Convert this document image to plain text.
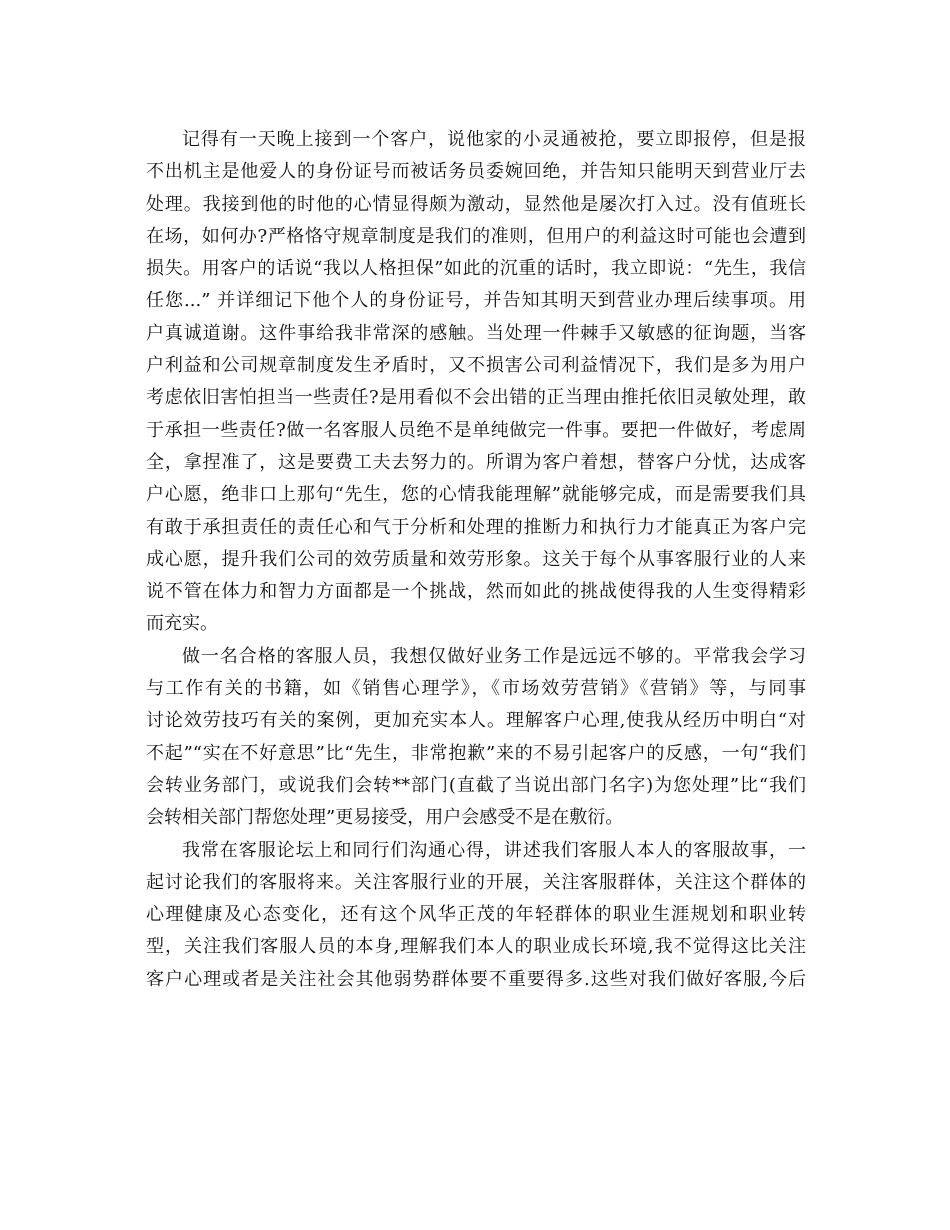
记得有一天晚上接到一个客户，说他家的小灵通被抢，要立即报停，但是报
不出机主是他爱人的身份证号而被话务员委婉回绝，并告知只能明天到营业厅去
处理。我接到他的时他的心情显得颇为激动，显然他是屡次打入过。没有值班长
在场，如何办?严格恪守规章制度是我们的准则，但用户的利益这时可能也会遭到
损失。用客户的话说“我以人格担保”如此的沉重的话时，我立即说：“先生，我信
任您...” 并详细记下他个人的身份证号，并告知其明天到营业办理后续事项。用
户真诚道谢。这件事给我非常深的感触。当处理一件棘手又敏感的征询题，当客
户利益和公司规章制度发生矛盾时，又不损害公司利益情况下，我们是多为用户
考虑依旧害怕担当一些责任?是用看似不会出错的正当理由推托依旧灵敏处理，敢
于承担一些责任?做一名客服人员绝不是单纯做完一件事。要把一件做好，考虑周
全，拿捏准了，这是要费工夫去努力的。所谓为客户着想，替客户分忧，达成客
户心愿，绝非口上那句“先生，您的心情我能理解”就能够完成，而是需要我们具
有敢于承担责任的责任心和气于分析和处理的推断力和执行力才能真正为客户完
成心愿，提升我们公司的效劳质量和效劳形象。这关于每个从事客服行业的人来
说不管在体力和智力方面都是一个挑战，然而如此的挑战使得我的人生变得精彩
而充实。
做一名合格的客服人员，我想仅做好业务工作是远远不够的。平常我会学习
与工作有关的书籍，如《销售心理学》，《市场效劳营销》《营销》等，与同事
讨论效劳技巧有关的案例，更加充实本人。理解客户心理,使我从经历中明白“对
不起”“实在不好意思”比“先生，非常抱歉”来的不易引起客户的反感，一句“我们
会转业务部门，或说我们会转**部门(直截了当说出部门名字)为您处理”比“我们
会转相关部门帮您处理”更易接受，用户会感受不是在敷衍。
我常在客服论坛上和同行们沟通心得，讲述我们客服人本人的客服故事，一
起讨论我们的客服将来。关注客服行业的开展，关注客服群体，关注这个群体的
心理健康及心态变化，还有这个风华正茂的年轻群体的职业生涯规划和职业转
型，关注我们客服人员的本身,理解我们本人的职业成长环境,我不觉得这比关注
客户心理或者是关注社会其他弱势群体要不重要得多.这些对我们做好客服,今后
